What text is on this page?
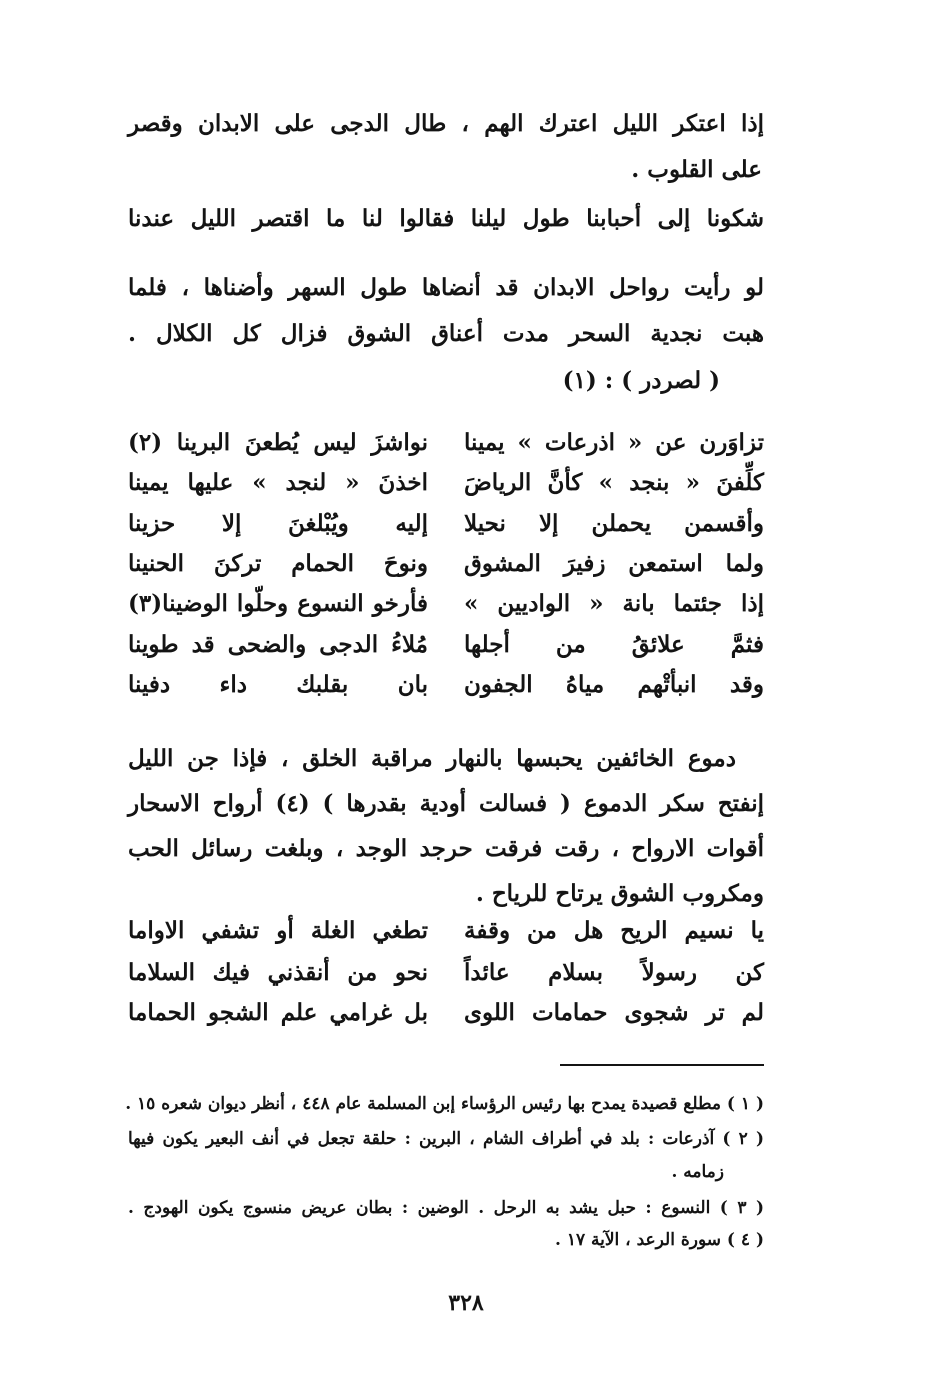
إذا اعتكر الليل اعترك الهم ، طال الدجى على الابدان وقصر
على القلوب .
شكونا إلى أحبابنا طول ليلنا فقالوا لنا ما اقتصر الليل عندنا
لو رأيت رواحل الابدان قد أنضاها طول السهر وأضناها ، فلما
هبت نجدية السحر مدت أعناق الشوق فزال كل الكلال .
( لصردر ) : (١)
تزاوَرن عن « اذرعات » يمينا
نواشزَ ليس يُطعنَ البرينا (٢)
كلِّفنَ « بنجد » كأنَّ الرياضَ
اخذنَ « لنجد » عليها يمينا
وأقسمن يحملن إلا نحيلا
إليه ويُبْلغنَ إلا حزينا
ولما استمعن زفيرَ المشوق
ونوحَ الحمام تركنَ الحنينا
إذا جئتما بانة « الواديين »
فأرخو النسوع وحلّوا الوضينا(٣)
فثمَّ علائقُ من أجلها
مُلاءُ الدجى والضحى قد طوينا
وقد انبأتْهم مياهُ الجفون
بان بقلبك داء دفينا
دموع الخائفين يحبسها بالنهار مراقبة الخلق ، فإذا جن الليل
إنفتح سكر الدموع ( فسالت أودية بقدرها ) (٤) أرواح الاسحار
أقوات الارواح ، رقت فرقت حرجد الوجد ، وبلغت رسائل الحب
ومكروب الشوق يرتاح للرياح .
يا نسيم الريح هل من وقفة
تطغي الغلة أو تشفي الاواما
كن رسولاً بسلام عائداً
نحو من أنقذني فيك السلاما
لم تر شجوى حمامات اللوى
بل غرامي علم الشجو الحماما
( ١ ) مطلع قصيدة يمدح بها رئيس الرؤساء إبن المسلمة عام ٤٤٨ ، أنظر ديوان شعره ١٥ .
( ٢ ) آذرعات : بلد في أطراف الشام ، البرين : حلقة تجعل في أنف البعير يكون فيها
زمامه .
( ٣ ) النسوع : حبل يشد به الرحل . الوضين : بطان عريض منسوج يكون الهودج .
( ٤ ) سورة الرعد ، الآية ١٧ .
٣٢٨
